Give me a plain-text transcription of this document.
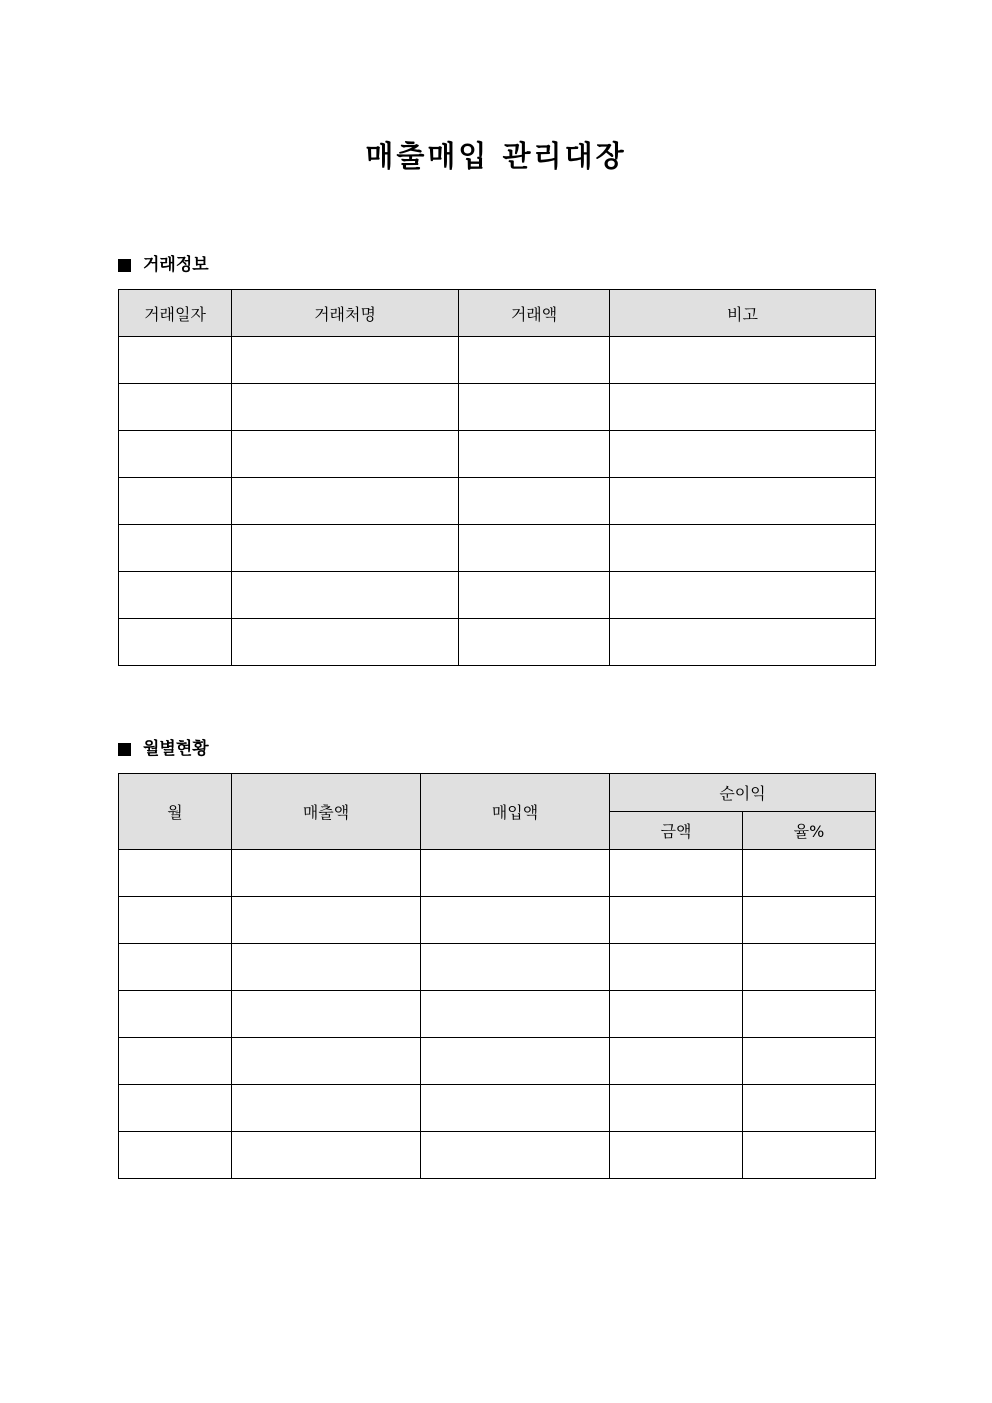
매출매입 관리대장
거래정보
거래일자	거래처명	거래액	비고

월별현황
월	매출액	매입액	순이익	
			금액	율%
